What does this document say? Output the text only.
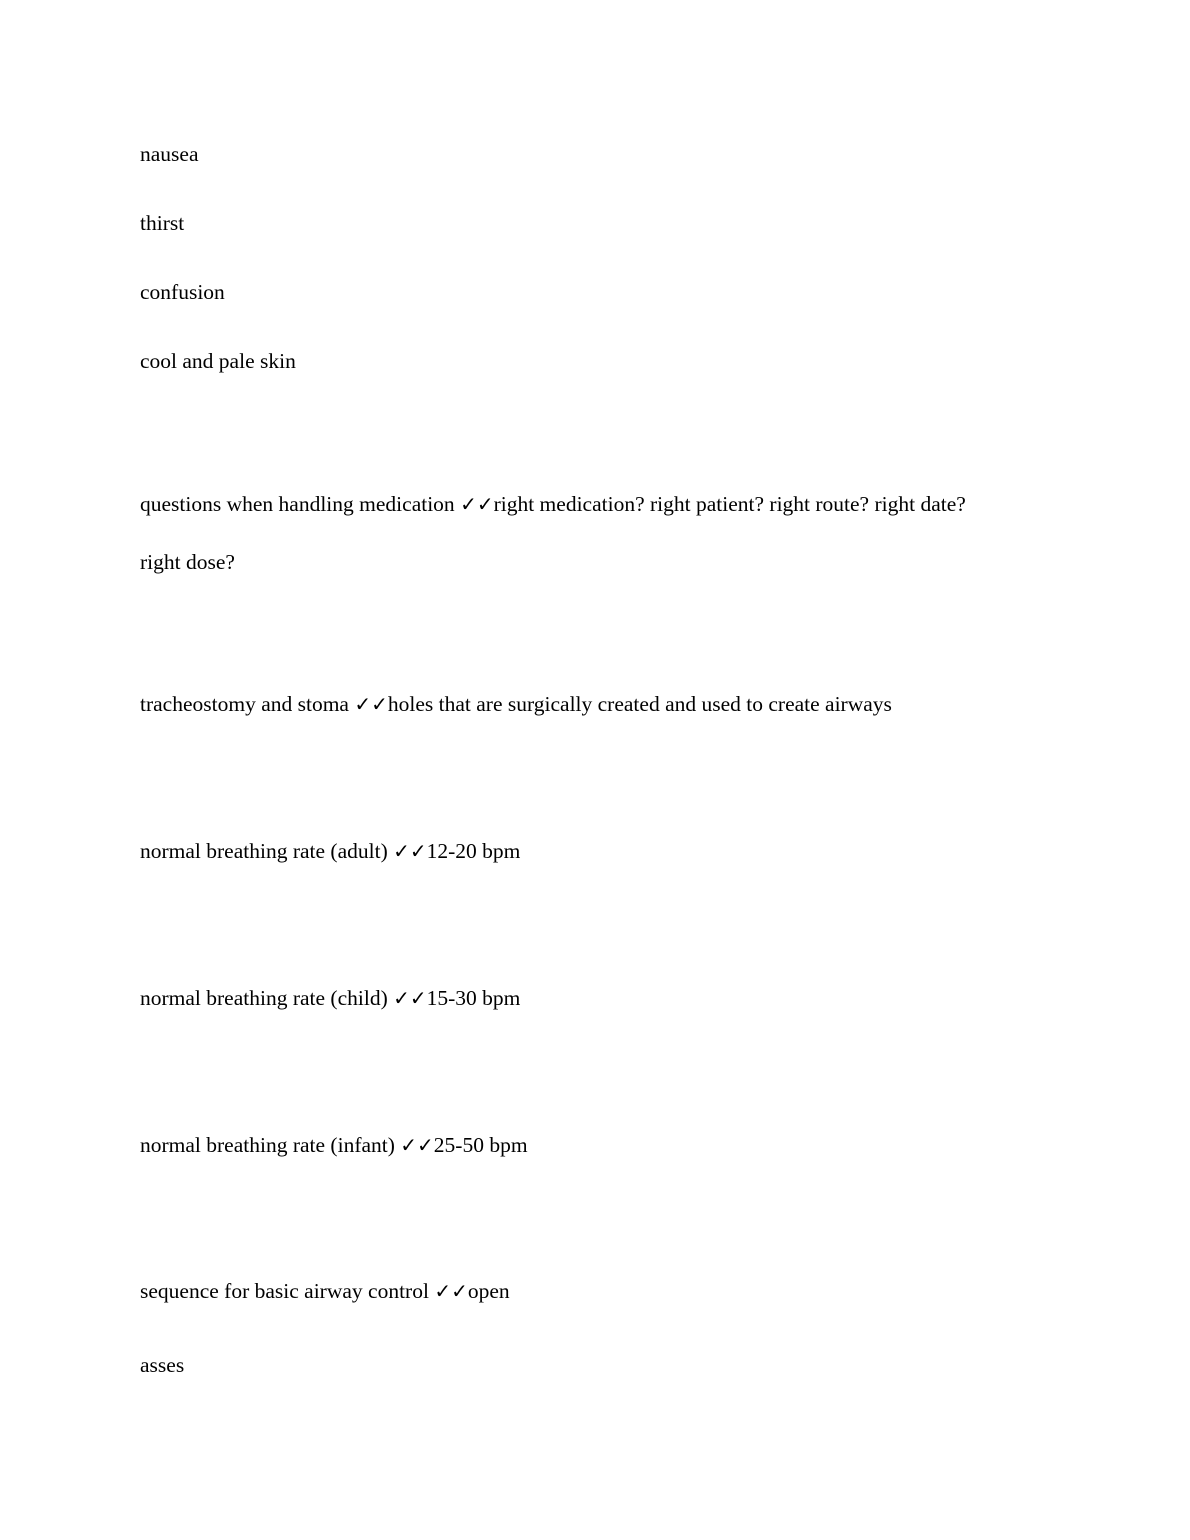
nausea
thirst
confusion
cool and pale skin
questions when handling medication ✓✓right medication? right patient? right route? right date?
right dose?
tracheostomy and stoma ✓✓holes that are surgically created and used to create airways
normal breathing rate (adult) ✓✓12-20 bpm
normal breathing rate (child) ✓✓15-30 bpm
normal breathing rate (infant) ✓✓25-50 bpm
sequence for basic airway control ✓✓open
asses
